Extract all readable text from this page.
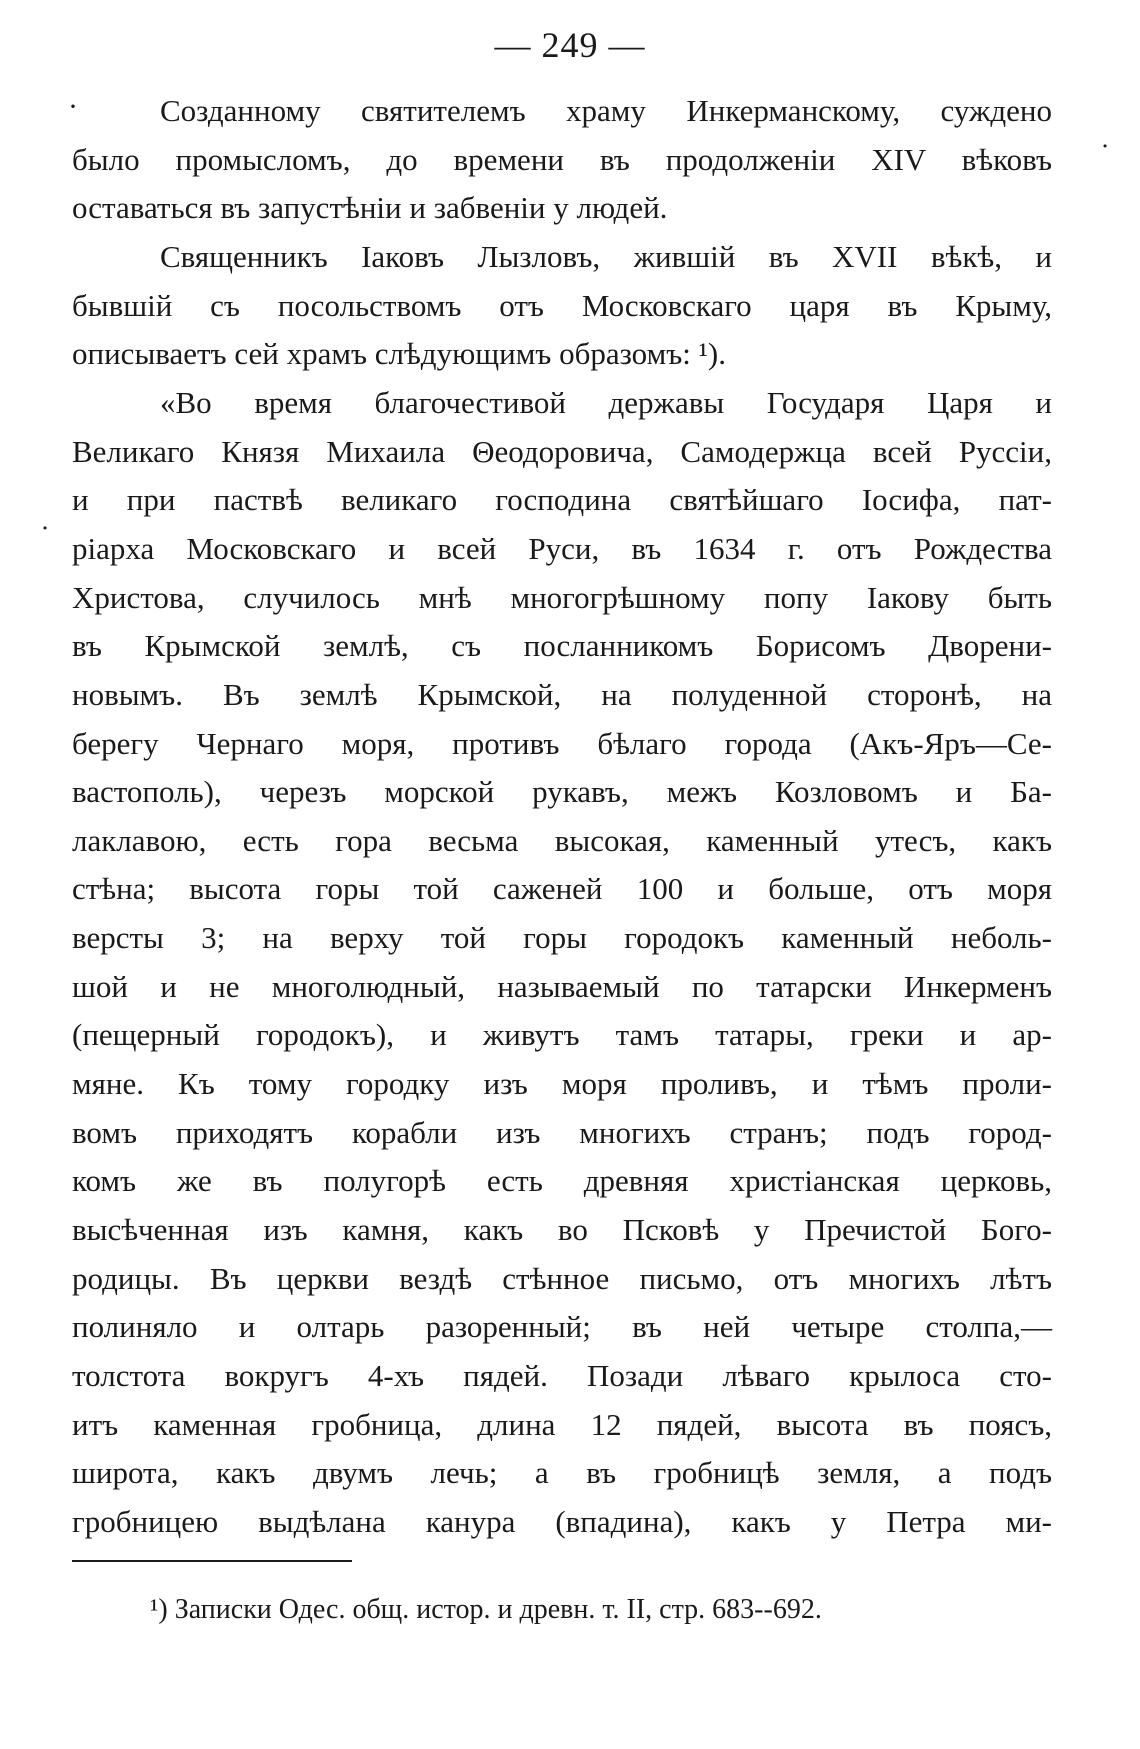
— 249 —
·
˙
˙
Созданному святителемъ храму Инкерманскому, суждено
было промысломъ, до времени въ продолженіи XIV вѣковъ
оставаться въ запустѣніи и забвеніи у людей.
Священникъ Іаковъ Лызловъ, жившій въ XVII вѣкѣ, и
бывшій съ посольствомъ отъ Московскаго царя въ Крыму,
описываетъ сей храмъ слѣдующимъ образомъ: ¹).
«Во время благочестивой державы Государя Царя и
Великаго Князя Михаила Θеодоровича, Самодержца всей Руссіи,
и при паствѣ великаго господина святѣйшаго Іосифа, пат-
ріарха Московскаго и всей Руси, въ 1634 г. отъ Рождества
Христова, случилось мнѣ многогрѣшному попу Іакову быть
въ Крымской землѣ, съ посланникомъ Борисомъ Дворени-
новымъ. Въ землѣ Крымской, на полуденной сторонѣ, на
берегу Чернаго моря, противъ бѣлаго города (Акъ-Яръ—Се-
вастополь), черезъ морской рукавъ, межъ Козловомъ и Ба-
лаклавою, есть гора весьма высокая, каменный утесъ, какъ
стѣна; высота горы той саженей 100 и больше, отъ моря
версты 3; на верху той горы городокъ каменный неболь-
шой и не многолюдный, называемый по татарски Инкерменъ
(пещерный городокъ), и живутъ тамъ татары, греки и ар-
мяне. Къ тому городку изъ моря проливъ, и тѣмъ проли-
вомъ приходятъ корабли изъ многихъ странъ; подъ город-
комъ же въ полугорѣ есть древняя христіанская церковь,
высѣченная изъ камня, какъ во Псковѣ у Пречистой Бого-
родицы. Въ церкви вездѣ стѣнное письмо, отъ многихъ лѣтъ
полиняло и олтарь разоренный; въ ней четыре столпа,—
толстота вокругъ 4-хъ пядей. Позади лѣваго крылоса сто-
итъ каменная гробница, длина 12 пядей, высота въ поясъ,
широта, какъ двумъ лечь; а въ гробницѣ земля, а подъ
гробницею выдѣлана канура (впадина), какъ у Петра ми-
¹) Записки Одес. общ. истор. и древн. т. II, стр. 683--692.
